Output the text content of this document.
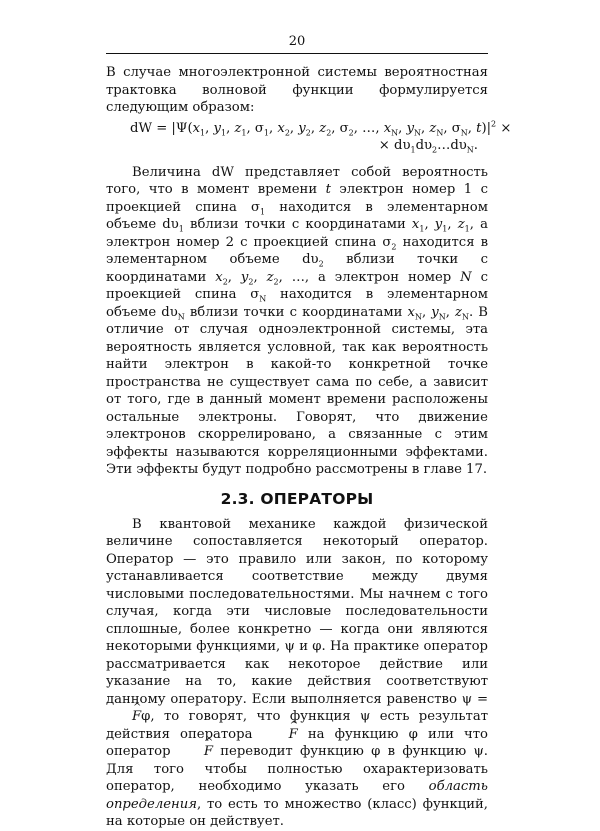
20

В случае многоэлектронной системы вероятностная трактовка волновой функции формулируется следующим образом:

dW = $|\Psi(x_1$, $y_1$, $z_1$, $\sigma_1$, $x_2$, $y_2$, $z_2$, $\sigma_2$, …, $x_N$, $y_N$, $z_N$, $\sigma_N$, $t)|^2$ ×
× $d\upsilon_1d\upsilon_2\dots d\upsilon_N$.

Величина dW представляет собой вероятность того, что в момент времени t электрон номер 1 с проекцией спина $\sigma_1$ находится в элементарном объеме $d\upsilon_1$ вблизи точки с координатами $x_1$, $y_1$, $z_1$, а электрон номер 2 с проекцией спина $\sigma_2$ находится в элементарном объеме $d\upsilon_2$ вблизи точки с координатами $x_2$, $y_2$, $z_2$, …, а электрон номер N с проекцией спина $\sigma_N$ находится в элементарном объеме $d\upsilon_N$ вблизи точки с координатами $x_N$, $y_N$, $z_N$. В отличие от случая одноэлектронной системы, эта вероятность является условной, так как вероятность найти электрон в какой-то конкретной точке пространства не существует сама по себе, а зависит от того, где в данный момент времени расположены остальные электроны. Говорят, что движение электронов скоррелировано, а связанные с этим эффекты называются корреляционными эффектами. Эти эффекты будут подробно рассмотрены в главе 17.

2.3. ОПЕРАТОРЫ

В квантовой механике каждой физической величине сопоставляется некоторый оператор. Оператор — это правило или закон, по которому устанавливается соответствие между двумя числовыми последовательностями. Мы начнем с того случая, когда эти числовые последовательности сплошные, более конкретно — когда они являются некоторыми функциями, ψ и φ. На практике оператор рассматривается как некоторое действие или указание на то, какие действия соответствуют данному оператору. Если выполняется равенство ψ = ^ Fφ, то говорят, что функция ψ есть результат действия оператора ^ F на функцию φ или что оператор ^ F переводит функцию φ в функцию ψ. Для того чтобы полностью охарактеризовать оператор, необходимо указать его область определения, то есть то множество (класс) функций, на которые он действует.
